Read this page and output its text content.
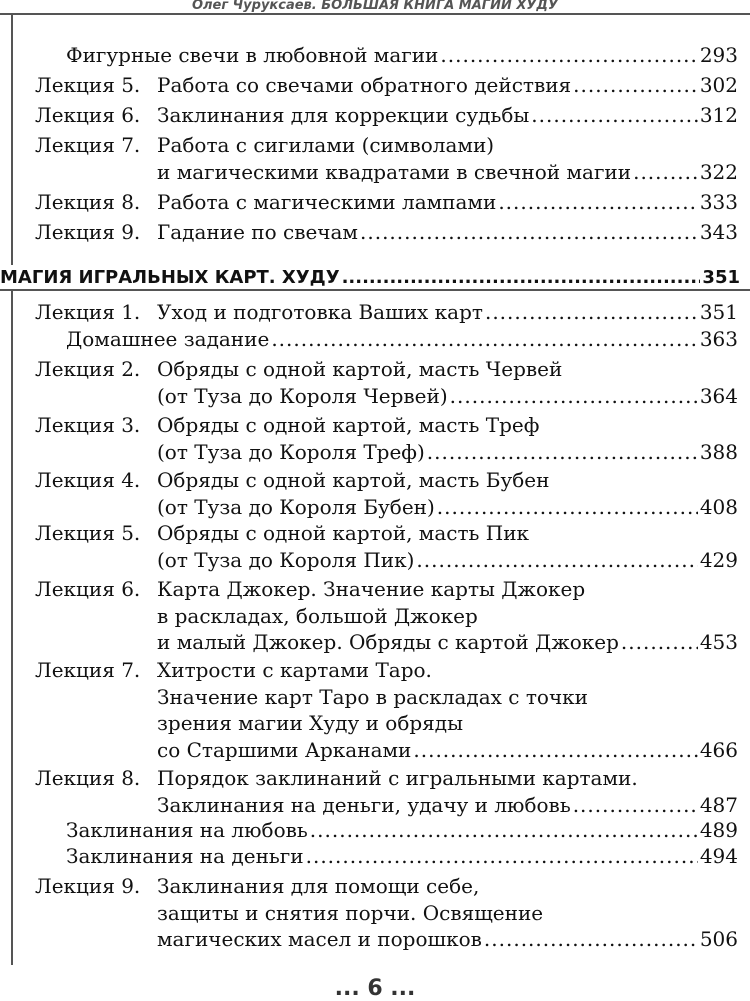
Олег Чуруксаев. БОЛЬШАЯ КНИГА МАГИИ ХУДУ
Фигурные свечи в любовной магии .....	293
Лекция 5. Работа со свечами обратного действия .....	302
Лекция 6. Заклинания для коррекции судьбы .....	312
Лекция 7. Работа с сигилами (символами)
и магическими квадратами в свечной магии .....	322
Лекция 8. Работа с магическими лампами .....	333
Лекция 9. Гадание по свечам .....	343
МАГИЯ ИГРАЛЬНЫХ КАРТ. ХУДУ .....	351
Лекция 1. Уход и подготовка Ваших карт .....	351
Домашнее задание .....	363
Лекция 2. Обряды с одной картой, масть Червей
(от Туза до Короля Червей) .....	364
Лекция 3. Обряды с одной картой, масть Треф
(от Туза до Короля Треф) .....	388
Лекция 4. Обряды с одной картой, масть Бубен
(от Туза до Короля Бубен) .....	408
Лекция 5. Обряды с одной картой, масть Пик
(от Туза до Короля Пик) .....	429
Лекция 6. Карта Джокер. Значение карты Джокер
в раскладах, большой Джокер
и малый Джокер. Обряды с картой Джокер .....	453
Лекция 7. Хитрости с картами Таро.
Значение карт Таро в раскладах с точки
зрения магии Худу и обряды
со Старшими Арканами .....	466
Лекция 8. Порядок заклинаний с игральными картами.
Заклинания на деньги, удачу и любовь .....	487
Заклинания на любовь .....	489
Заклинания на деньги .....	494
Лекция 9. Заклинания для помощи себе,
защиты и снятия порчи. Освящение
магических масел и порошков .....	506
... 6 ...
